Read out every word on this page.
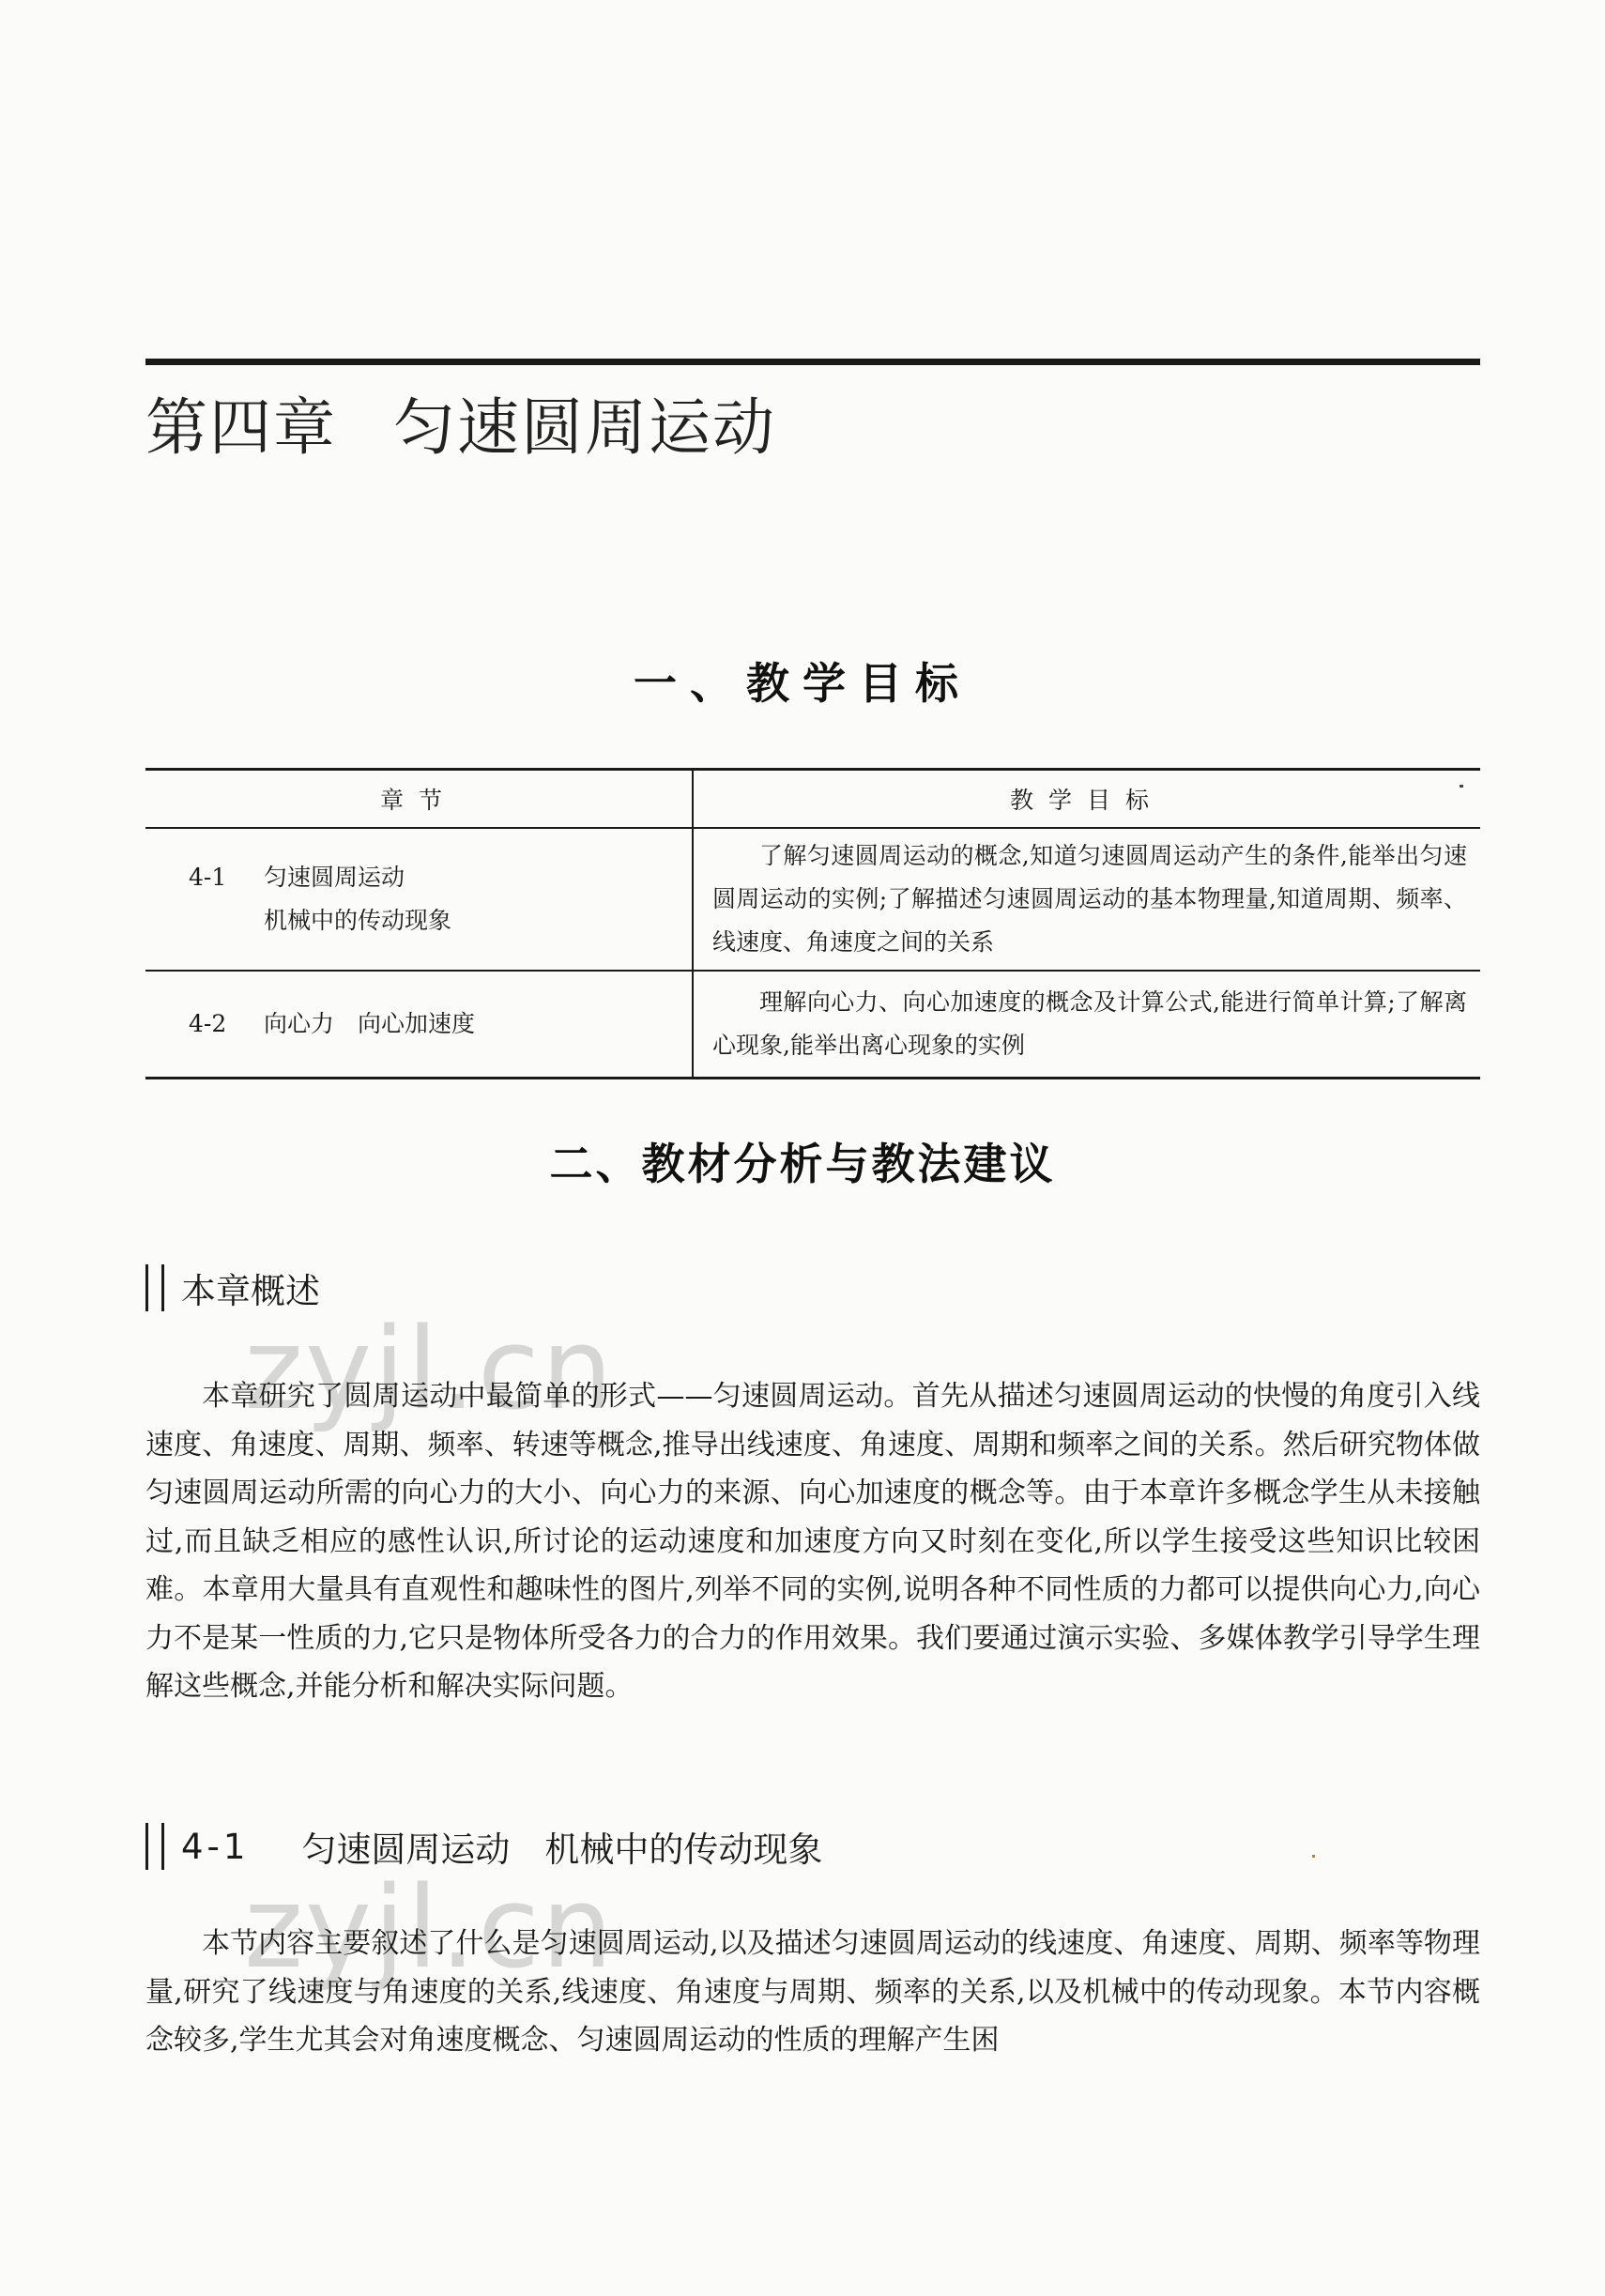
第四章 匀速圆周运动
一、教学目标
章节	教学目标

4-1 匀速圆周运动
机械中的传动现象	了解匀速圆周运动的概念,知道匀速圆周运动产生的条件,能举出匀速圆周运动的实例;了解描述匀速圆周运动的基本物理量,知道周期、频率、线速度、角速度之间的关系

4-2 向心力　向心加速度	理解向心力、向心加速度的概念及计算公式,能进行简单计算;了解离心现象,能举出离心现象的实例
二、教材分析与教法建议
本章概述
zyjl.cn

本章研究了圆周运动中最简单的形式——匀速圆周运动。首先从描述匀速圆周运动的快慢的角度引入线速度、角速度、周期、频率、转速等概念,推导出线速度、角速度、周期和频率之间的关系。然后研究物体做匀速圆周运动所需的向心力的大小、向心力的来源、向心加速度的概念等。由于本章许多概念学生从未接触过,而且缺乏相应的感性认识,所讨论的运动速度和加速度方向又时刻在变化,所以学生接受这些知识比较困难。本章用大量具有直观性和趣味性的图片,列举不同的实例,说明各种不同性质的力都可以提供向心力,向心力不是某一性质的力,它只是物体所受各力的合力的作用效果。我们要通过演示实验、多媒体教学引导学生理解这些概念,并能分析和解决实际问题。

4-1 匀速圆周运动　机械中的传动现象
zyjl.cn

本节内容主要叙述了什么是匀速圆周运动,以及描述匀速圆周运动的线速度、角速度、周期、频率等物理量,研究了线速度与角速度的关系,线速度、角速度与周期、频率的关系,以及机械中的传动现象。本节内容概念较多,学生尤其会对角速度概念、匀速圆周运动的性质的理解产生困
